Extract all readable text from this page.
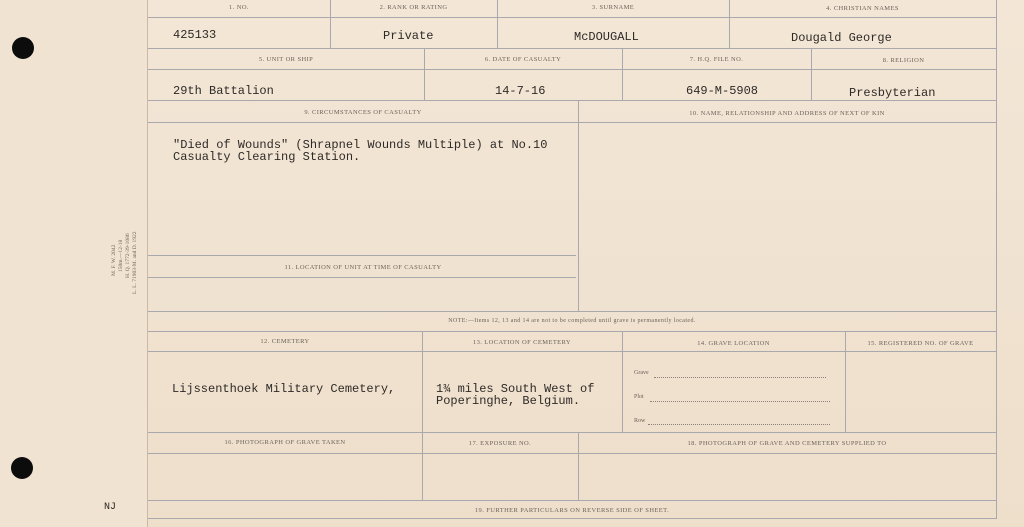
M. F. W. 2042 150m.—12-18 H. Q. 1772-39-1086 L. L. 71903-M. and D. 1922
NJ
1. NO.
425133
2. RANK OR RATING
Private
3. SURNAME
McDOUGALL
4. CHRISTIAN NAMES
Dougald George
5. UNIT OR SHIP
29th Battalion
6. DATE OF CASUALTY
14-7-16
7. H.Q. FILE NO.
649-M-5908
8. RELIGION
Presbyterian
9. CIRCUMSTANCES OF CASUALTY
"Died of Wounds" (Shrapnel Wounds Multiple) at No.10
Casualty Clearing Station.
10. NAME, RELATIONSHIP AND ADDRESS OF NEXT OF KIN
11. LOCATION OF UNIT AT TIME OF CASUALTY
NOTE:—Items 12, 13 and 14 are not to be completed until grave is permanently located.
12. CEMETERY
Lijssenthoek Military Cemetery,
13. LOCATION OF CEMETERY
1¾ miles South West of
Poperinghe, Belgium.
14. GRAVE LOCATION
Grave
Plot
Row
15. REGISTERED NO. OF GRAVE
16. PHOTOGRAPH OF GRAVE TAKEN	17. EXPOSURE NO.	18. PHOTOGRAPH OF GRAVE AND CEMETERY SUPPLIED TO
19. FURTHER PARTICULARS ON REVERSE SIDE OF SHEET.
